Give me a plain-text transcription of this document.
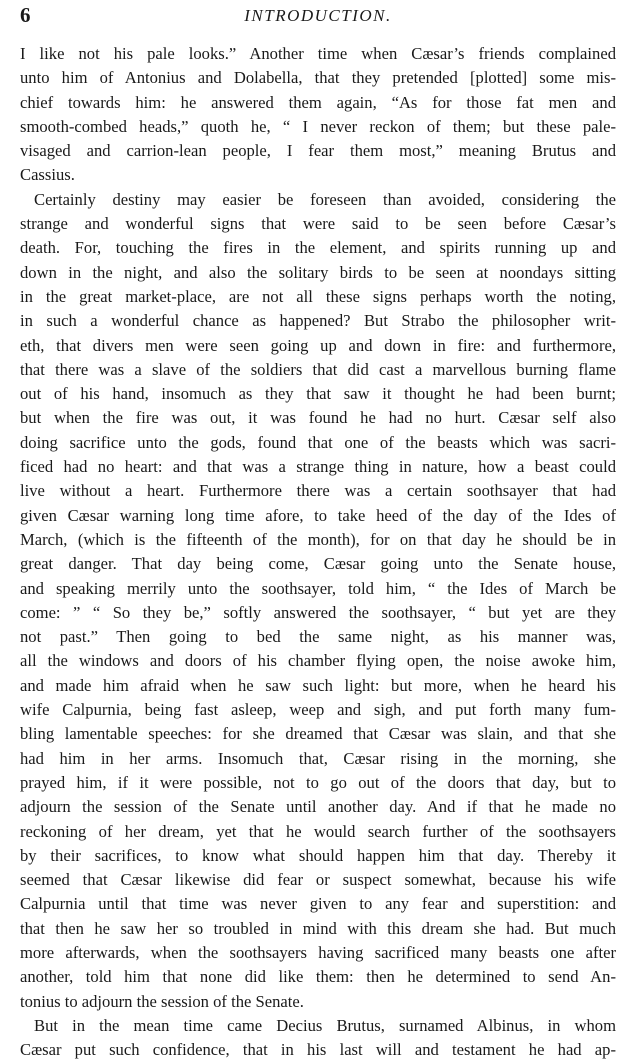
6	INTRODUCTION.
I like not his pale looks.” Another time when Cæsar’s friends complained
unto him of Antonius and Dolabella, that they pretended [plotted] some mis-
chief towards him: he answered them again, “As for those fat men and
smooth-combed heads,” quoth he, “ I never reckon of them; but these pale-
visaged and carrion-lean people, I fear them most,” meaning Brutus and
Cassius.
Certainly destiny may easier be foreseen than avoided, considering the
strange and wonderful signs that were said to be seen before Cæsar’s
death. For, touching the fires in the element, and spirits running up and
down in the night, and also the solitary birds to be seen at noondays sitting
in the great market-place, are not all these signs perhaps worth the noting,
in such a wonderful chance as happened? But Strabo the philosopher writ-
eth, that divers men were seen going up and down in fire: and furthermore,
that there was a slave of the soldiers that did cast a marvellous burning flame
out of his hand, insomuch as they that saw it thought he had been burnt;
but when the fire was out, it was found he had no hurt. Cæsar self also
doing sacrifice unto the gods, found that one of the beasts which was sacri-
ficed had no heart: and that was a strange thing in nature, how a beast could
live without a heart. Furthermore there was a certain soothsayer that had
given Cæsar warning long time afore, to take heed of the day of the Ides of
March, (which is the fifteenth of the month), for on that day he should be in
great danger. That day being come, Cæsar going unto the Senate house,
and speaking merrily unto the soothsayer, told him, “ the Ides of March be
come: ” “ So they be,” softly answered the soothsayer, “ but yet are they
not past.” Then going to bed the same night, as his manner was,
all the windows and doors of his chamber flying open, the noise awoke him,
and made him afraid when he saw such light: but more, when he heard his
wife Calpurnia, being fast asleep, weep and sigh, and put forth many fum-
bling lamentable speeches: for she dreamed that Cæsar was slain, and that she
had him in her arms. Insomuch that, Cæsar rising in the morning, she
prayed him, if it were possible, not to go out of the doors that day, but to
adjourn the session of the Senate until another day. And if that he made no
reckoning of her dream, yet that he would search further of the soothsayers
by their sacrifices, to know what should happen him that day. Thereby it
seemed that Cæsar likewise did fear or suspect somewhat, because his wife
Calpurnia until that time was never given to any fear and superstition: and
that then he saw her so troubled in mind with this dream she had. But much
more afterwards, when the soothsayers having sacrificed many beasts one after
another, told him that none did like them: then he determined to send An-
tonius to adjourn the session of the Senate.
But in the mean time came Decius Brutus, surnamed Albinus, in whom
Cæsar put such confidence, that in his last will and testament he had ap-
